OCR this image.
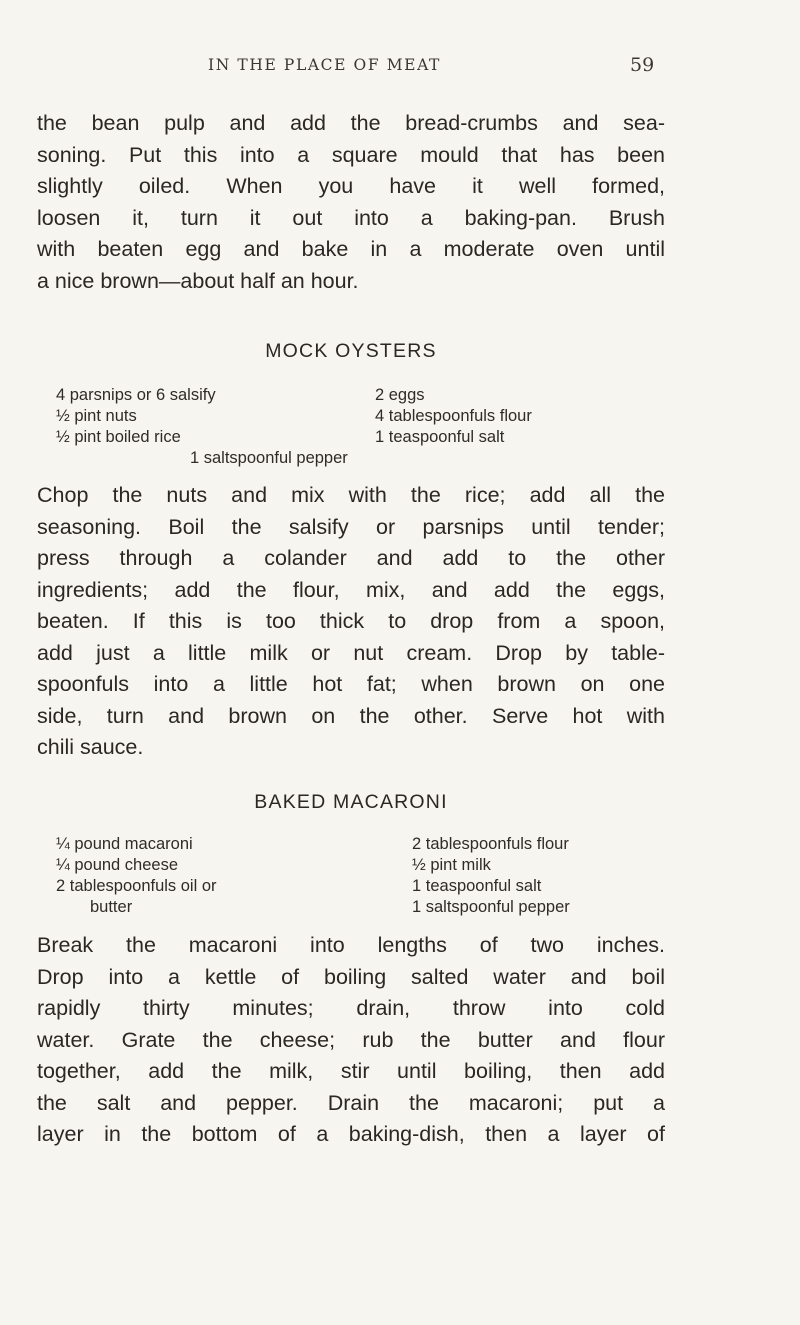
IN THE PLACE OF MEAT	59
the bean pulp and add the bread-crumbs and sea-
soning. Put this into a square mould that has been
slightly oiled. When you have it well formed,
loosen it, turn it out into a baking-pan. Brush
with beaten egg and bake in a moderate oven until
a nice brown—about half an hour.
MOCK OYSTERS
4 parsnips or 6 salsify
½ pint nuts
½ pint boiled rice
2 eggs
4 tablespoonfuls flour
1 teaspoonful salt
1 saltspoonful pepper
Chop the nuts and mix with the rice; add all the
seasoning. Boil the salsify or parsnips until tender;
press through a colander and add to the other
ingredients; add the flour, mix, and add the eggs,
beaten. If this is too thick to drop from a spoon,
add just a little milk or nut cream. Drop by table-
spoonfuls into a little hot fat; when brown on one
side, turn and brown on the other. Serve hot with
chili sauce.
BAKED MACARONI
¼ pound macaroni
¼ pound cheese
2 tablespoonfuls oil or
butter
2 tablespoonfuls flour
½ pint milk
1 teaspoonful salt
1 saltspoonful pepper
Break the macaroni into lengths of two inches.
Drop into a kettle of boiling salted water and boil
rapidly thirty minutes; drain, throw into cold
water. Grate the cheese; rub the butter and flour
together, add the milk, stir until boiling, then add
the salt and pepper. Drain the macaroni; put a
layer in the bottom of a baking-dish, then a layer of
